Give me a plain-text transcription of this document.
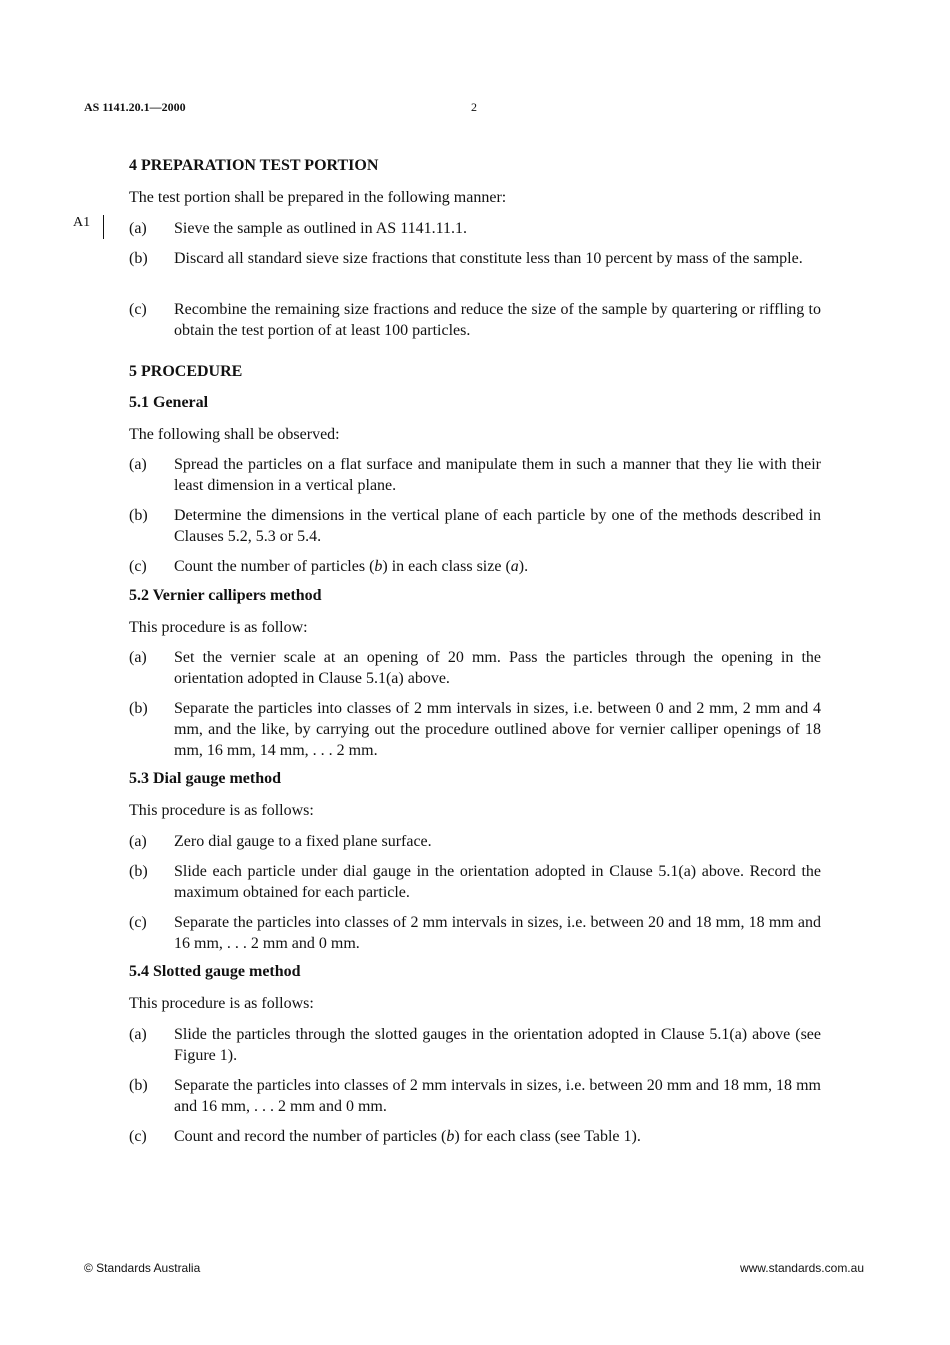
AS 1141.20.1—2000	2
A1
4 PREPARATION TEST PORTION
The test portion shall be prepared in the following manner:
(a) Sieve the sample as outlined in AS 1141.11.1.
(b) Discard all standard sieve size fractions that constitute less than 10 percent by mass of the sample.
(c) Recombine the remaining size fractions and reduce the size of the sample by quartering or riffling to obtain the test portion of at least 100 particles.
5 PROCEDURE
5.1 General
The following shall be observed:
(a) Spread the particles on a flat surface and manipulate them in such a manner that they lie with their least dimension in a vertical plane.
(b) Determine the dimensions in the vertical plane of each particle by one of the methods described in Clauses 5.2, 5.3 or 5.4.
(c) Count the number of particles (b) in each class size (a).
5.2 Vernier callipers method
This procedure is as follow:
(a) Set the vernier scale at an opening of 20 mm. Pass the particles through the opening in the orientation adopted in Clause 5.1(a) above.
(b) Separate the particles into classes of 2 mm intervals in sizes, i.e. between 0 and 2 mm, 2 mm and 4 mm, and the like, by carrying out the procedure outlined above for vernier calliper openings of 18 mm, 16 mm, 14 mm, . . . 2 mm.
5.3 Dial gauge method
This procedure is as follows:
(a) Zero dial gauge to a fixed plane surface.
(b) Slide each particle under dial gauge in the orientation adopted in Clause 5.1(a) above. Record the maximum obtained for each particle.
(c) Separate the particles into classes of 2 mm intervals in sizes, i.e. between 20 and 18 mm, 18 mm and 16 mm, . . . 2 mm and 0 mm.
5.4 Slotted gauge method
This procedure is as follows:
(a) Slide the particles through the slotted gauges in the orientation adopted in Clause 5.1(a) above (see Figure 1).
(b) Separate the particles into classes of 2 mm intervals in sizes, i.e. between 20 mm and 18 mm, 18 mm and 16 mm, . . . 2 mm and 0 mm.
(c) Count and record the number of particles (b) for each class (see Table 1).
© Standards Australia	www.standards.com.au
